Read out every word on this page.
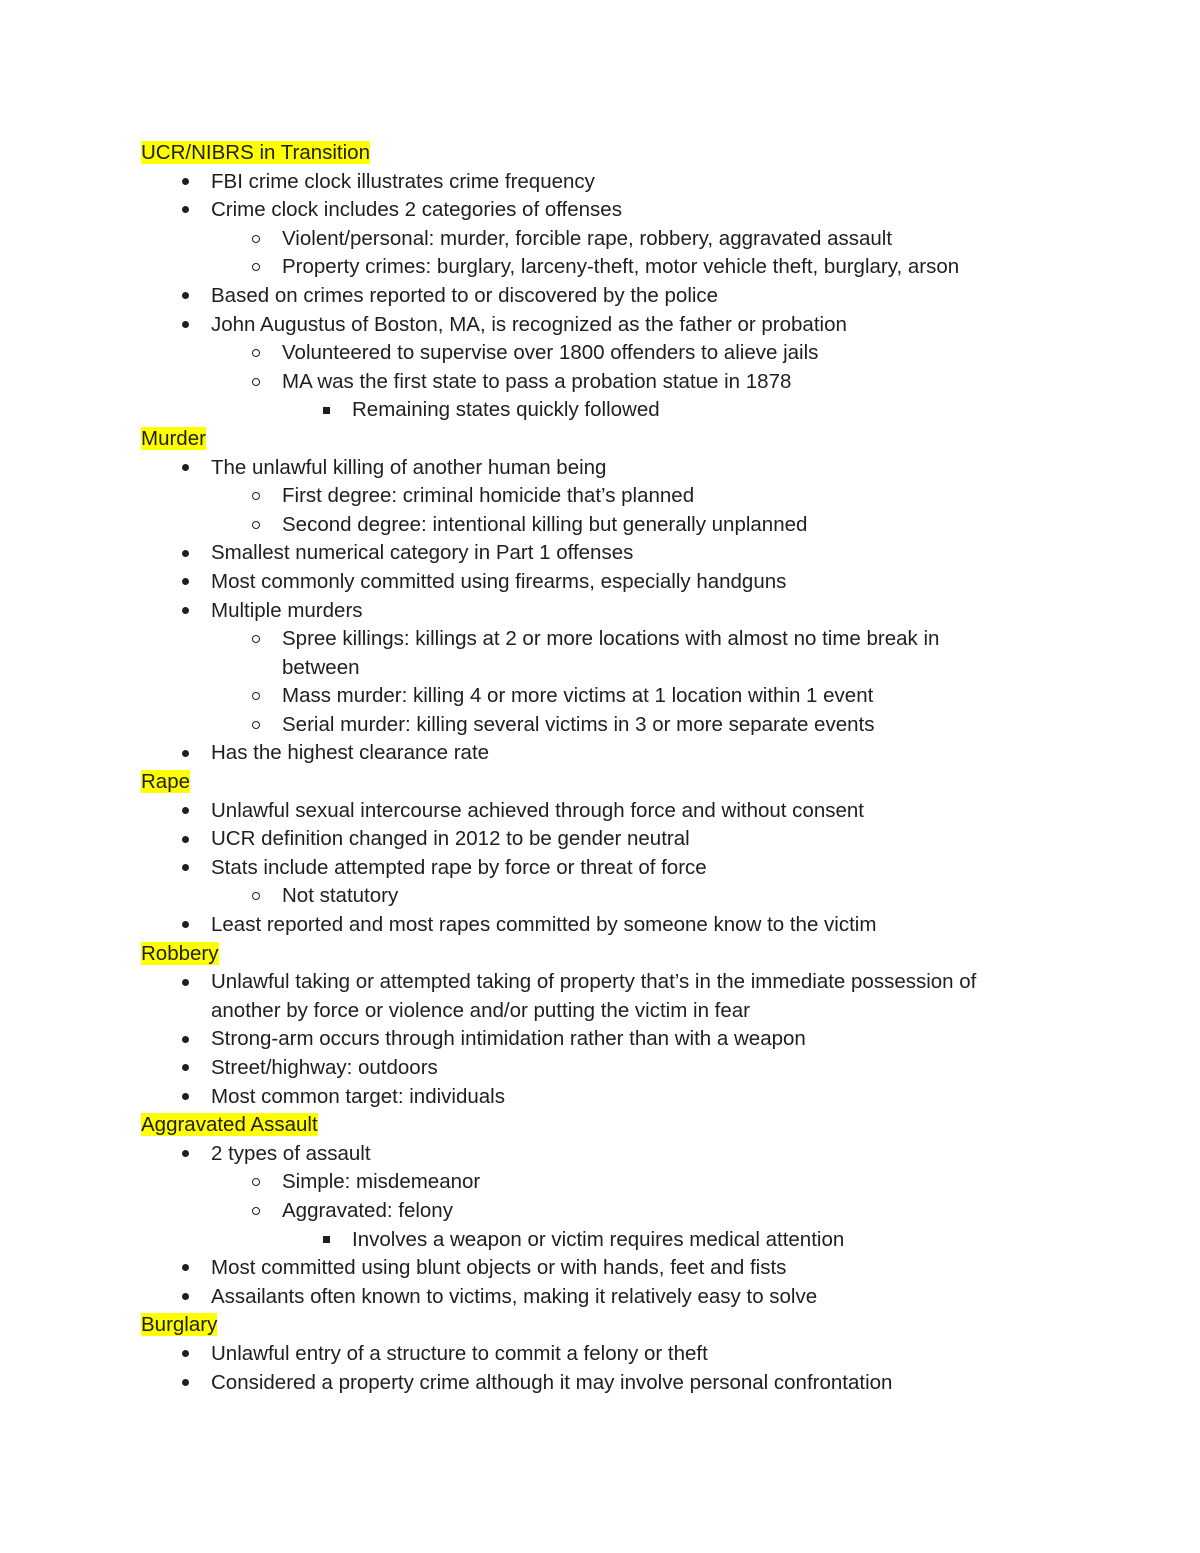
UCR/NIBRS in Transition
FBI crime clock illustrates crime frequency
Crime clock includes 2 categories of offenses
Violent/personal: murder, forcible rape, robbery, aggravated assault
Property crimes: burglary, larceny-theft, motor vehicle theft, burglary, arson
Based on crimes reported to or discovered by the police
John Augustus of Boston, MA, is recognized as the father or probation
Volunteered to supervise over 1800 offenders to alieve jails
MA was the first state to pass a probation statue in 1878
Remaining states quickly followed
Murder
The unlawful killing of another human being
First degree: criminal homicide that’s planned
Second degree: intentional killing but generally unplanned
Smallest numerical category in Part 1 offenses
Most commonly committed using firearms, especially handguns
Multiple murders
Spree killings: killings at 2 or more locations with almost no time break in between
Mass murder: killing 4 or more victims at 1 location within 1 event
Serial murder: killing several victims in 3 or more separate events
Has the highest clearance rate
Rape
Unlawful sexual intercourse achieved through force and without consent
UCR definition changed in 2012 to be gender neutral
Stats include attempted rape by force or threat of force
Not statutory
Least reported and most rapes committed by someone know to the victim
Robbery
Unlawful taking or attempted taking of property that’s in the immediate possession of another by force or violence and/or putting the victim in fear
Strong-arm occurs through intimidation rather than with a weapon
Street/highway: outdoors
Most common target: individuals
Aggravated Assault
2 types of assault
Simple: misdemeanor
Aggravated: felony
Involves a weapon or victim requires medical attention
Most committed using blunt objects or with hands, feet and fists
Assailants often known to victims, making it relatively easy to solve
Burglary
Unlawful entry of a structure to commit a felony or theft
Considered a property crime although it may involve personal confrontation
